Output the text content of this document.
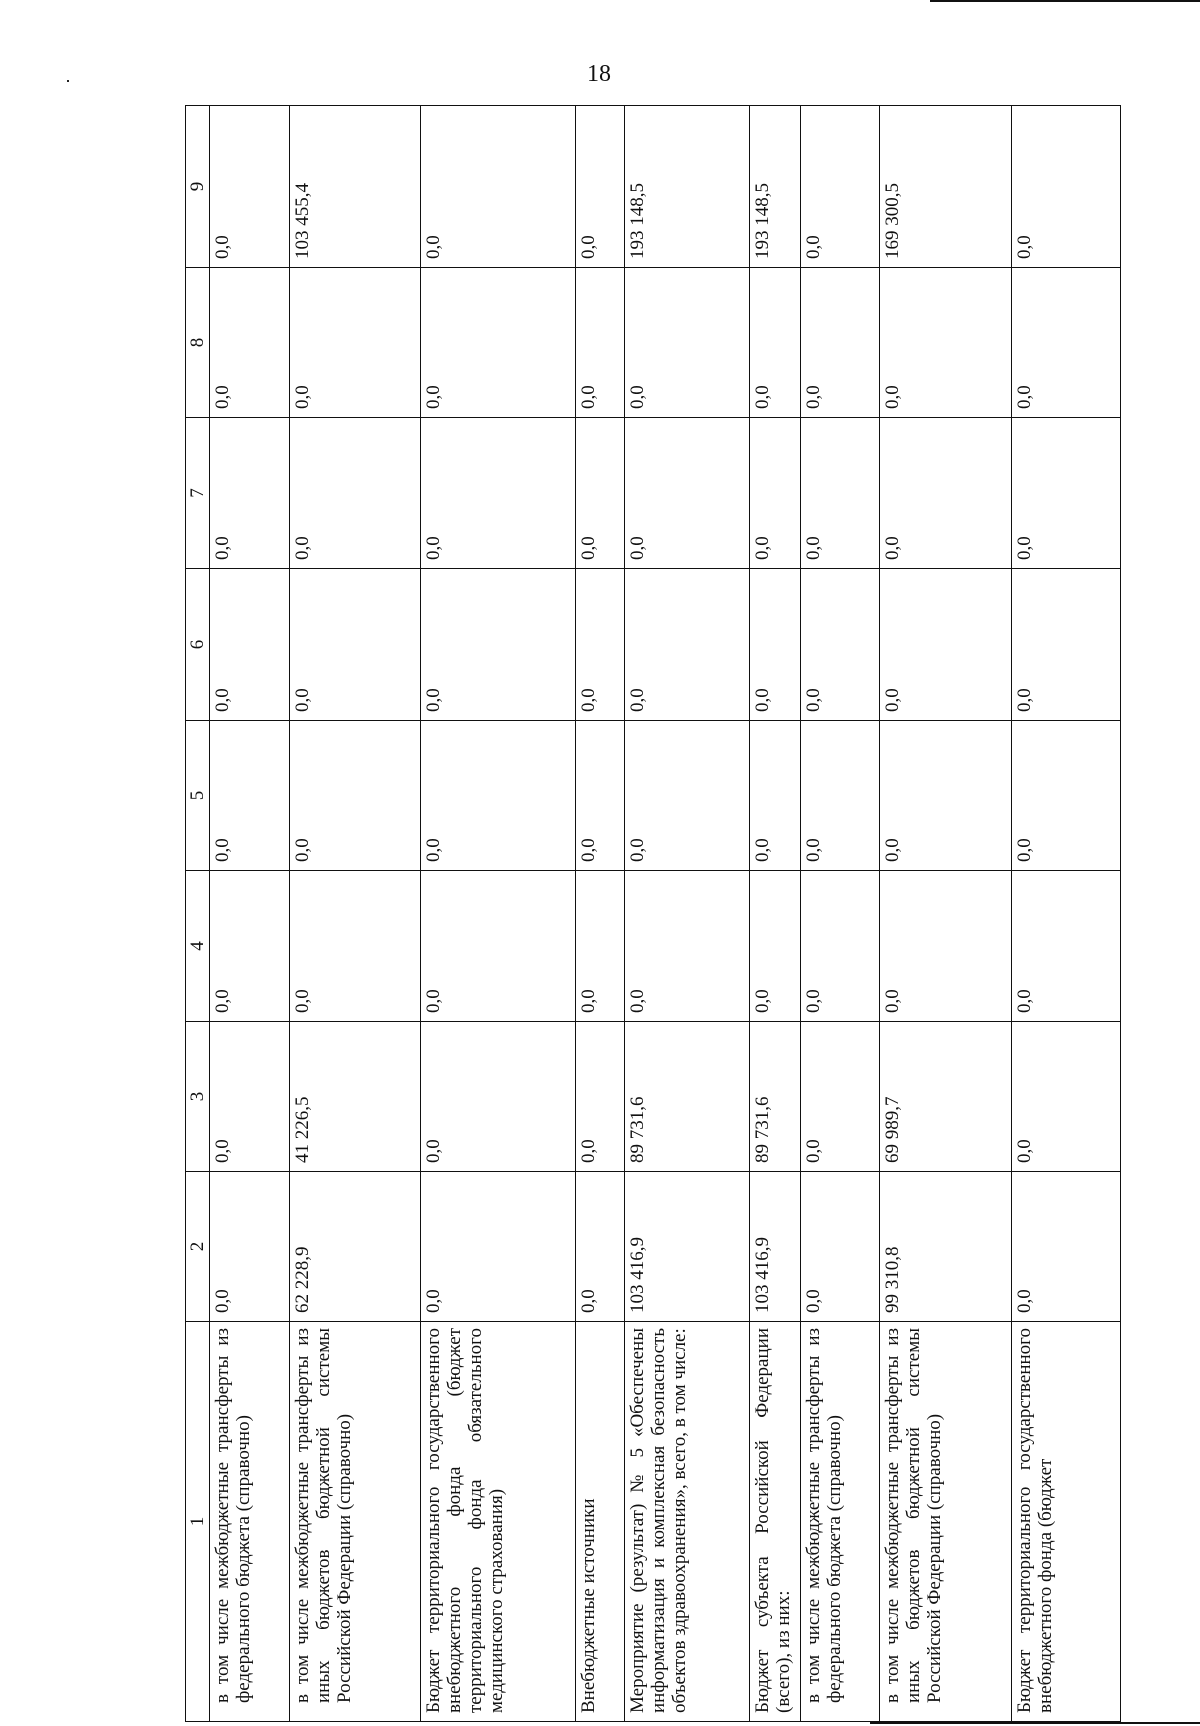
18
1	2	3	4	5	6	7	8	9
в том числе межбюджетные трансферты из федерального бюджета (справочно)	0,0	0,0	0,0	0,0	0,0	0,0	0,0	0,0
в том числе межбюджетные трансферты из иных бюджетов бюджетной системы Российской Федерации (справочно)	62 228,9	41 226,5	0,0	0,0	0,0	0,0	0,0	103 455,4
Бюджет территориального государственного внебюджетного фонда (бюджет территориального фонда обязательного медицинского страхования)	0,0	0,0	0,0	0,0	0,0	0,0	0,0	0,0
Внебюджетные источники	0,0	0,0	0,0	0,0	0,0	0,0	0,0	0,0
Мероприятие (результат) № 5 «Обеспечены информатизация и комплексная безопасность объектов здравоохранения», всего, в том числе:	103 416,9	89 731,6	0,0	0,0	0,0	0,0	0,0	193 148,5
Бюджет субъекта Российской Федерации (всего), из них:	103 416,9	89 731,6	0,0	0,0	0,0	0,0	0,0	193 148,5
в том числе межбюджетные трансферты из федерального бюджета (справочно)	0,0	0,0	0,0	0,0	0,0	0,0	0,0	0,0
в том числе межбюджетные трансферты из иных бюджетов бюджетной системы Российской Федерации (справочно)	99 310,8	69 989,7	0,0	0,0	0,0	0,0	0,0	169 300,5
Бюджет территориального государственного внебюджетного фонда (бюджет	0,0	0,0	0,0	0,0	0,0	0,0	0,0	0,0
